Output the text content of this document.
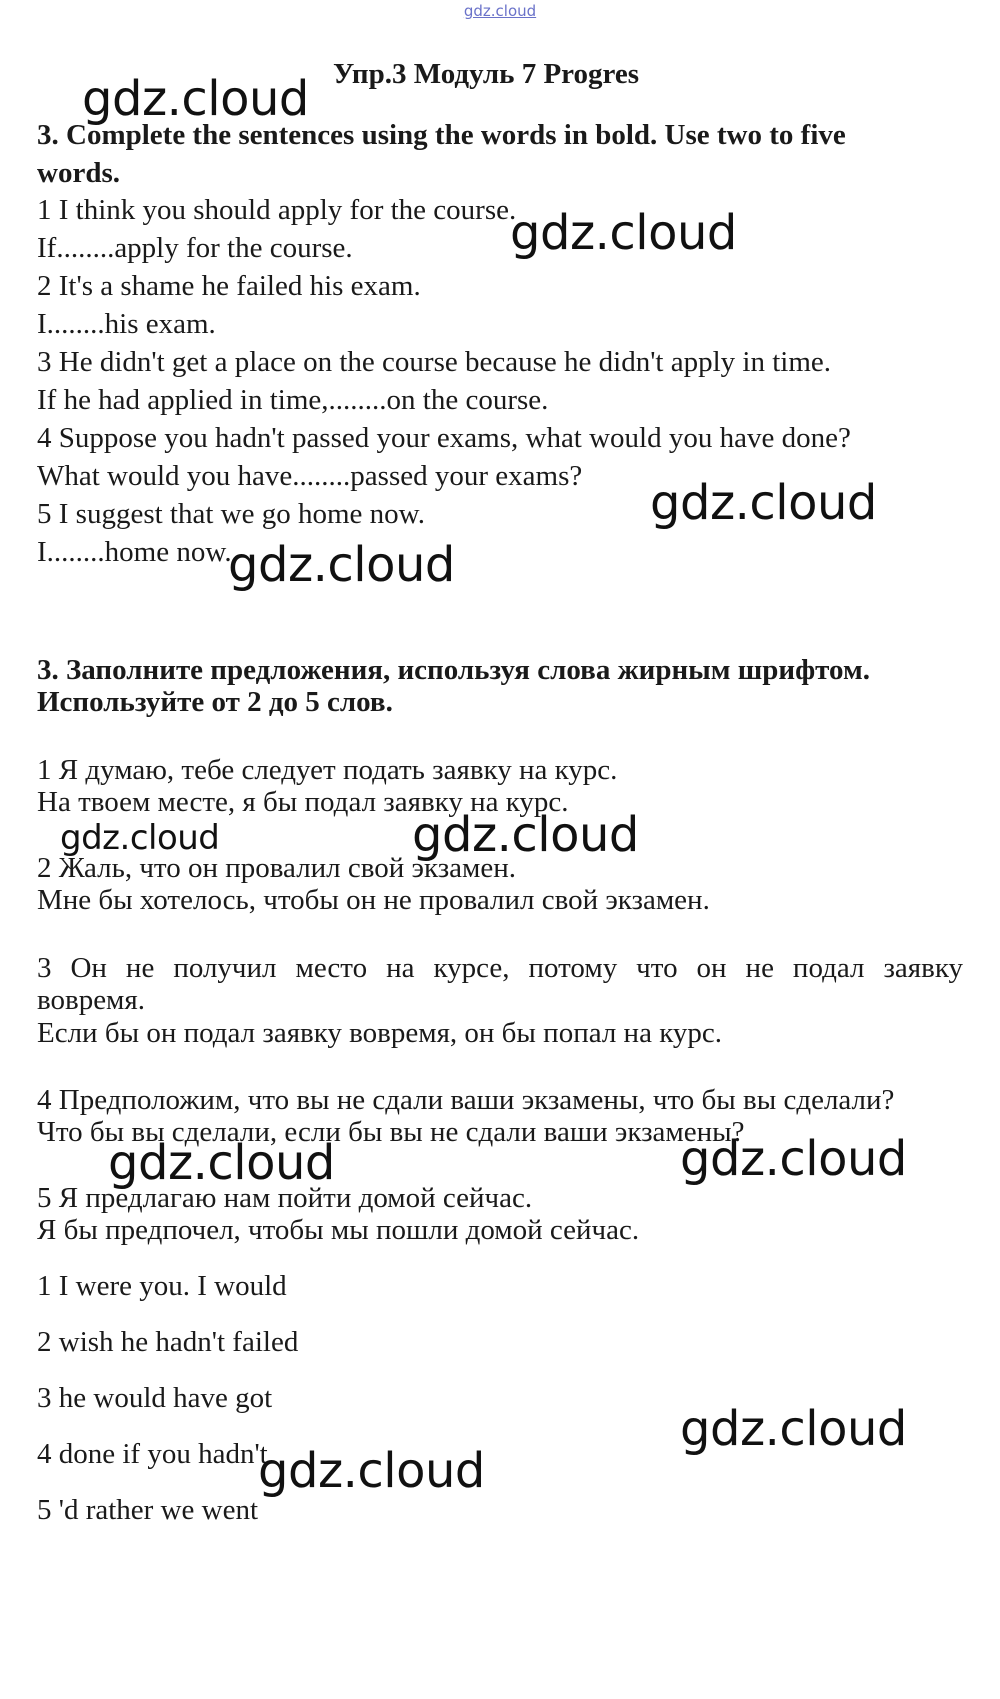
gdz.cloud
Упр.3 Модуль 7 Progres
3. Complete the sentences using the words in bold. Use two to five
words.
1 I think you should apply for the course.
If........apply for the course.
2 It's a shame he failed his exam.
I........his exam.
3 He didn't get a place on the course because he didn't apply in time.
If he had applied in time,........on the course.
4 Suppose you hadn't passed your exams, what would you have done?
What would you have........passed your exams?
5 I suggest that we go home now.
I........home now.
3. Заполните предложения, используя слова жирным шрифтом.
Используйте от 2 до 5 слов.
1 Я думаю, тебе следует подать заявку на курс.
На твоем месте, я бы подал заявку на курс.
2 Жаль, что он провалил свой экзамен.
Мне бы хотелось, чтобы он не провалил свой экзамен.
3 Он не получил место на курсе, потому что он не подал заявку
вовремя.
Если бы он подал заявку вовремя, он бы попал на курс.
4 Предположим, что вы не сдали ваши экзамены, что бы вы сделали?
Что бы вы сделали, если бы вы не сдали ваши экзамены?
5 Я предлагаю нам пойти домой сейчас.
Я бы предпочел, чтобы мы пошли домой сейчас.
1 I were you. I would
2 wish he hadn't failed
3 he would have got
4 done if you hadn't
5 'd rather we went
gdz.cloud
gdz.cloud
gdz.cloud
gdz.cloud
gdz.cloud	gdz.cloud
gdz.cloud	gdz.cloud
gdz.cloud
gdz.cloud
